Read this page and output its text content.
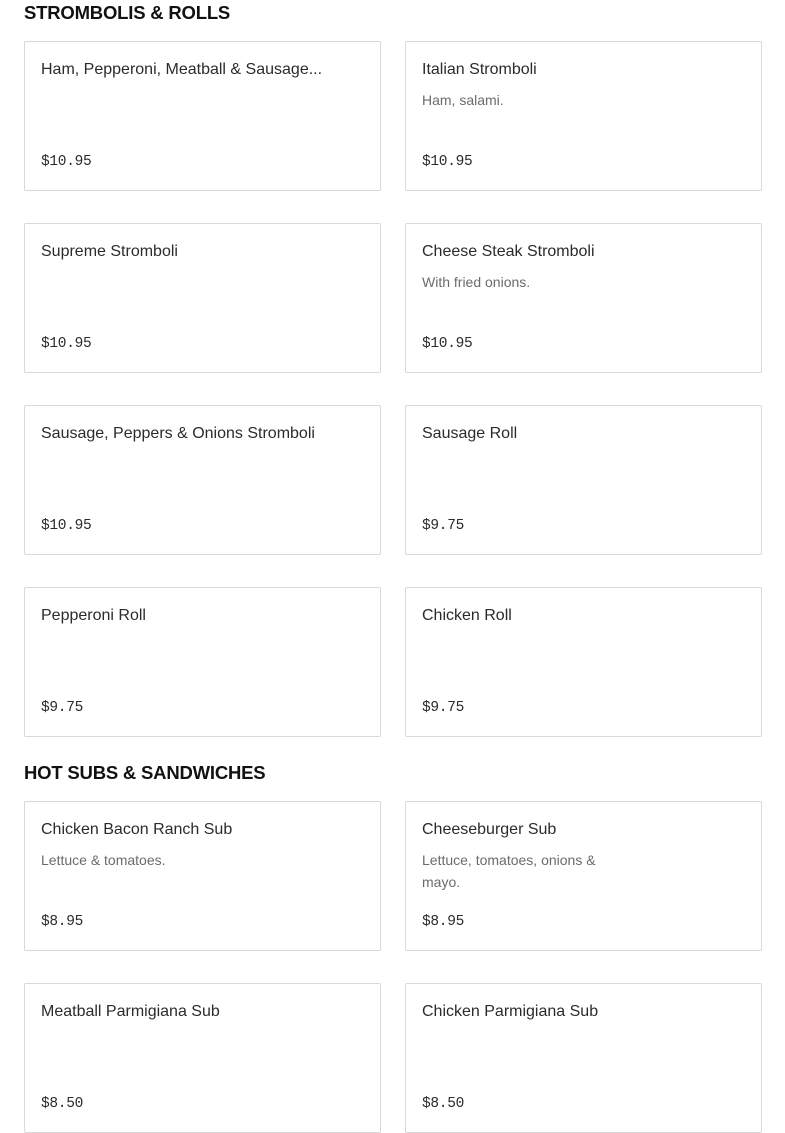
STROMBOLIS & ROLLS
Ham, Pepperoni, Meatball & Sausage...
$10.95
Italian Stromboli
Ham, salami.
$10.95
Supreme Stromboli
$10.95
Cheese Steak Stromboli
With fried onions.
$10.95
Sausage, Peppers & Onions Stromboli
$10.95
Sausage Roll
$9.75
Pepperoni Roll
$9.75
Chicken Roll
$9.75
HOT SUBS & SANDWICHES
Chicken Bacon Ranch Sub
Lettuce & tomatoes.
$8.95
Cheeseburger Sub
Lettuce, tomatoes, onions & mayo.
$8.95
Meatball Parmigiana Sub
$8.50
Chicken Parmigiana Sub
$8.50
